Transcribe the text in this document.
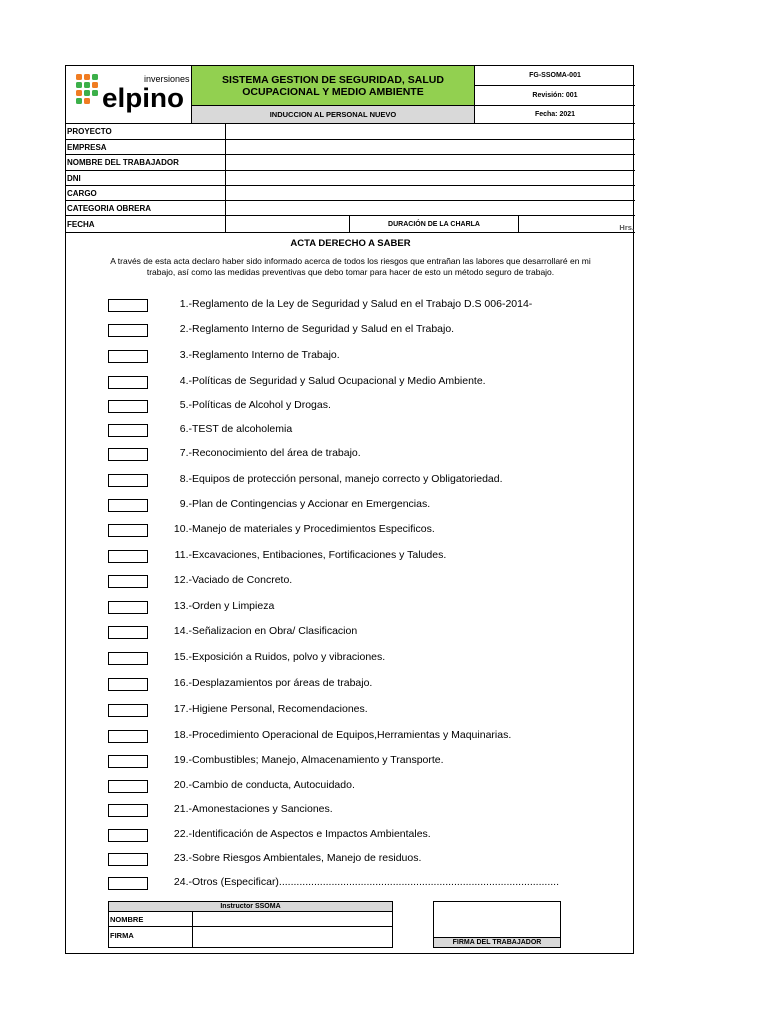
inversiones
elpino
SISTEMA GESTION DE SEGURIDAD, SALUD
OCUPACIONAL Y MEDIO AMBIENTE
INDUCCION AL PERSONAL NUEVO
FG-SSOMA-001
Revisión: 001
Fecha: 2021
PROYECTO
EMPRESA
NOMBRE DEL TRABAJADOR
DNI
CARGO
CATEGORIA OBRERA
FECHA	DURACIÓN DE LA CHARLA	Hrs.
ACTA DERECHO A SABER
A través de esta acta declaro haber sido informado acerca de todos los riesgos que entrañan las labores que desarrollaré en mi
trabajo, así como las medidas preventivas que debo tomar para hacer de esto un método seguro de trabajo.
1.- Reglamento de la Ley de Seguridad y Salud en el Trabajo D.S 006-2014-
2.- Reglamento Interno de Seguridad y Salud en el Trabajo.
3.- Reglamento Interno de Trabajo.
4.- Políticas de Seguridad y Salud Ocupacional y Medio Ambiente.
5.- Políticas de Alcohol y Drogas.
6.- TEST de alcoholemia
7.- Reconocimiento del área de trabajo.
8.- Equipos de protección personal, manejo correcto y Obligatoriedad.
9.- Plan de Contingencias y Accionar en Emergencias.
10.- Manejo de materiales y Procedimientos Especificos.
11.- Excavaciones, Entibaciones, Fortificaciones y Taludes.
12.- Vaciado de Concreto.
13.- Orden y Limpieza
14.- Señalizacion en Obra/ Clasificacion
15.- Exposición a Ruidos, polvo y vibraciones.
16.- Desplazamientos por áreas de trabajo.
17.- Higiene Personal, Recomendaciones.
18.- Procedimiento Operacional de Equipos,Herramientas y Maquinarias.
19.- Combustibles; Manejo, Almacenamiento y Transporte.
20.- Cambio de conducta, Autocuidado.
21.- Amonestaciones y Sanciones.
22.- Identificación de Aspectos e Impactos Ambientales.
23.- Sobre Riesgos Ambientales, Manejo de residuos.
24.- Otros (Especificar)................................................................................................
Instructor SSOMA
NOMBRE
FIRMA
FIRMA DEL TRABAJADOR
